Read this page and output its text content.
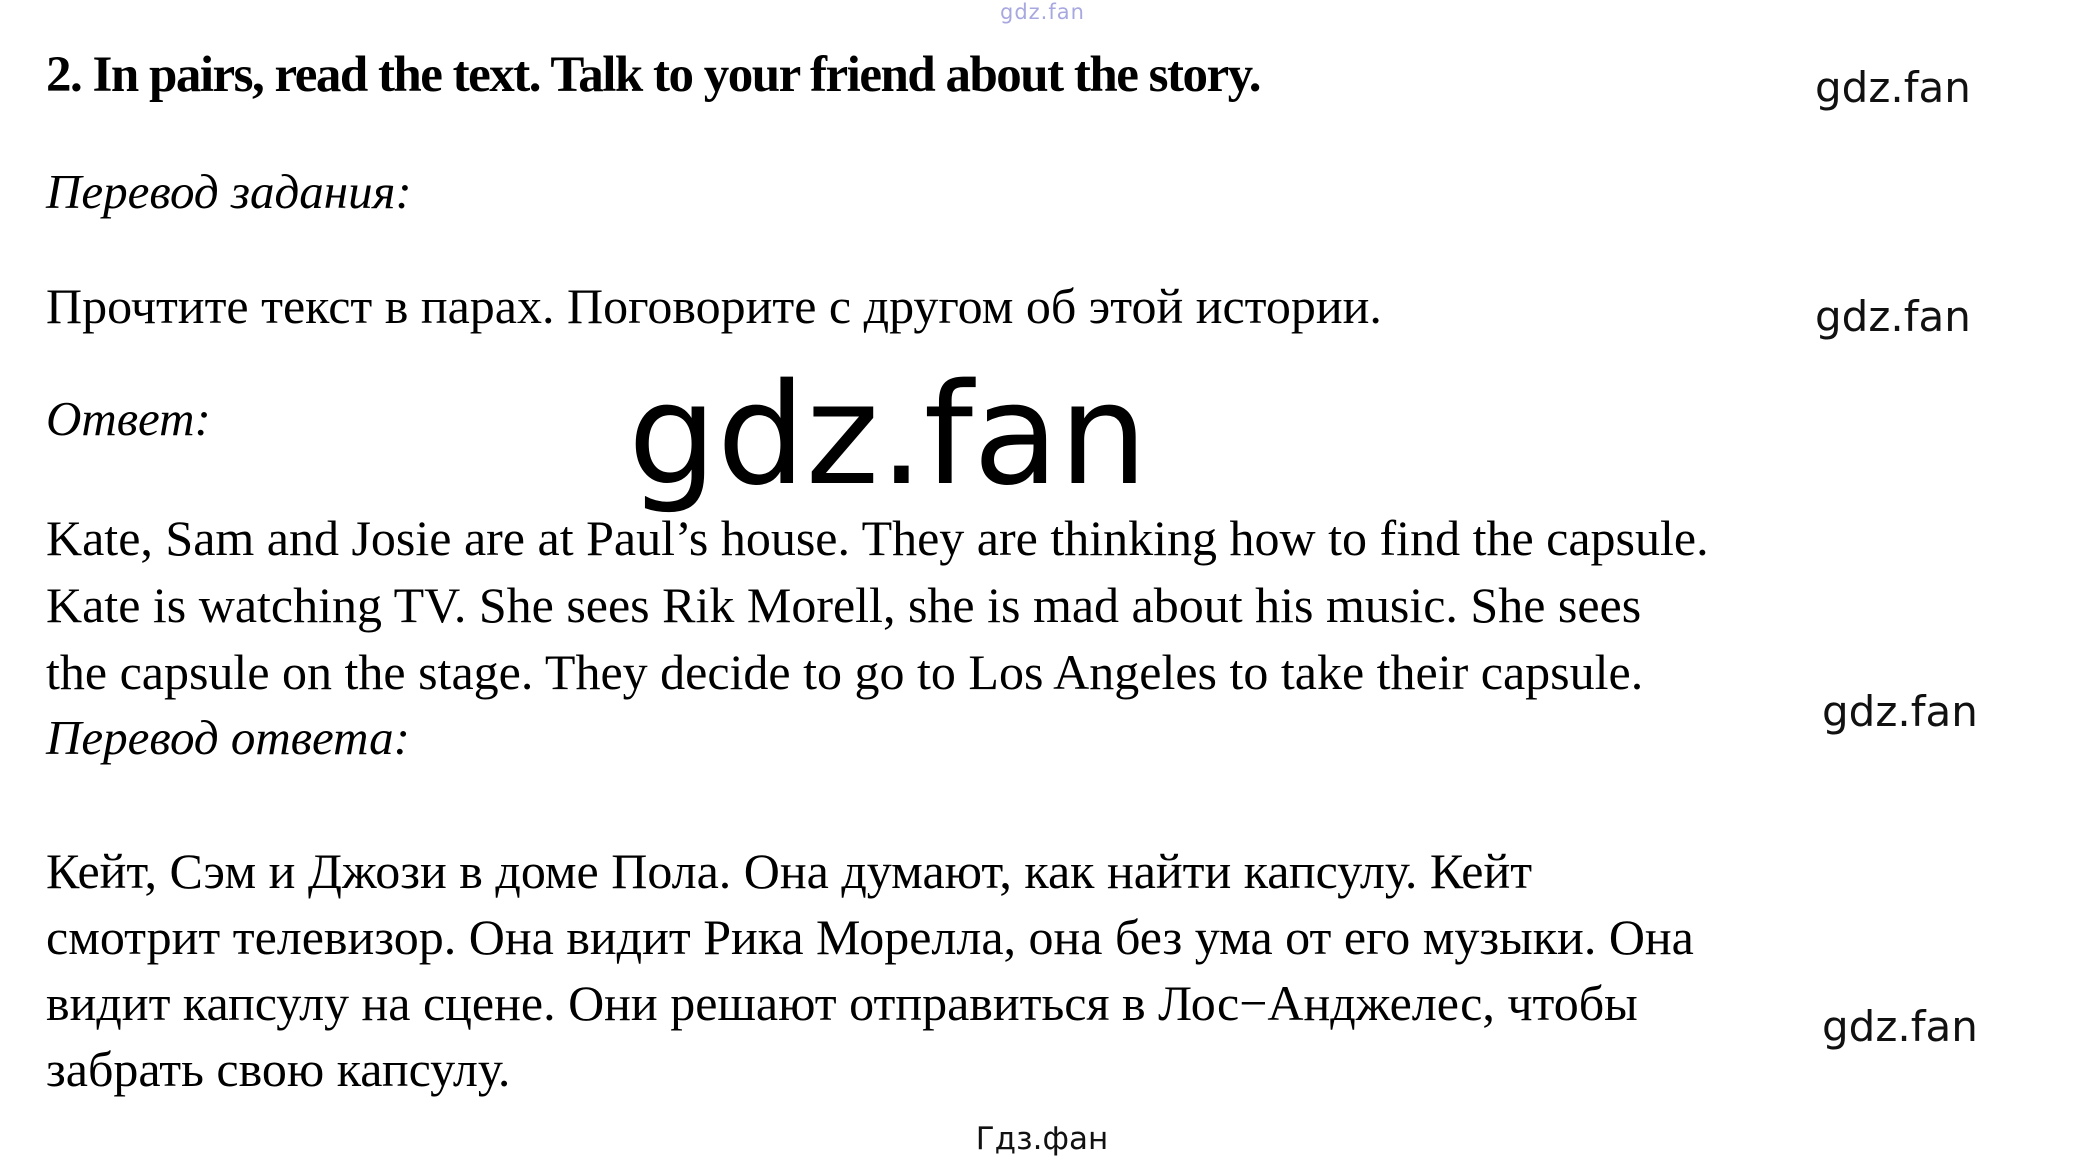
gdz.fan
2. In pairs, read the text. Talk to your friend about the story.	gdz.fan
Перевод задания:
Прочтите текст в парах. Поговорите с другом об этой истории.	gdz.fan
Ответ:	gdz.fan
Kate, Sam and Josie are at Paul’s house. They are thinking how to find the capsule.
Kate is watching TV. She sees Rik Morell, she is mad about his music. She sees
the capsule on the stage. They decide to go to Los Angeles to take their capsule.
gdz.fan
Перевод ответа:
Кейт, Сэм и Джози в доме Пола. Она думают, как найти капсулу. Кейт
смотрит телевизор. Она видит Рика Морелла, она без ума от его музыки. Она
видит капсулу на сцене. Они решают отправиться в Лос−Анджелес, чтобы
забрать свою капсулу.
gdz.fan
Гдз.фан
